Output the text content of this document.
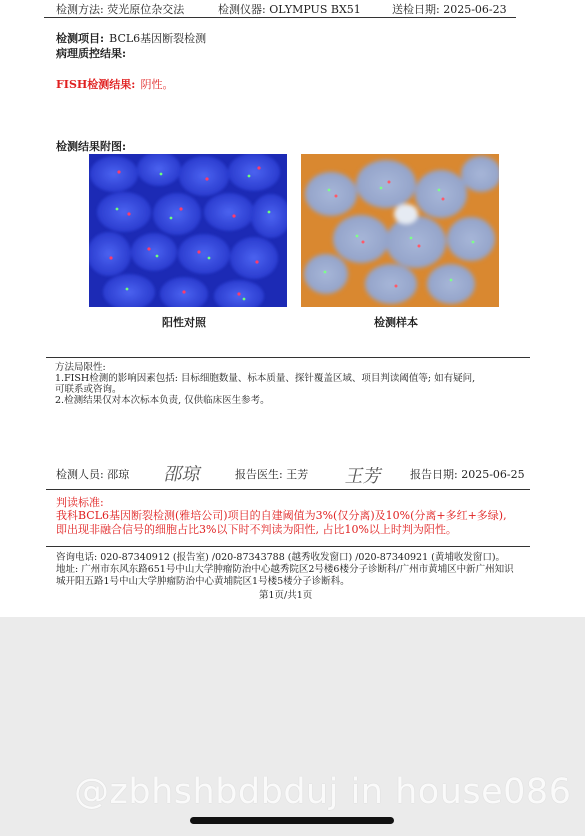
检测方法: 荧光原位杂交法	检测仪器: OLYMPUS BX51	送检日期: 2025-06-23
检测项目: BCL6基因断裂检测
病理质控结果:
FISH检测结果: 阴性。
检测结果附图:
阳性对照	检测样本
方法局限性:
1.FISH检测的影响因素包括: 目标细胞数量、标本质量、探针覆盖区域、项目判读阈值等; 如有疑问,
可联系或咨询。
2.检测结果仅对本次标本负责, 仅供临床医生参考。
检测人员: 邵琼 邵琼	报告医生: 王芳 王芳 报告日期: 2025-06-25
判读标准:
我科BCL6基因断裂检测(雅培公司)项目的自建阈值为3%(仅分离)及10%(分离+多红+多绿),
即出现非融合信号的细胞占比3%以下时不判读为阳性, 占比10%以上时判为阳性。
咨询电话: 020-87340912 (报告室) /020-87343788 (越秀收发窗口) /020-87340921 (黄埔收发窗口)。
地址: 广州市东风东路651号中山大学肿瘤防治中心越秀院区2号楼6楼分子诊断科/广州市黄埔区中新广州知识
城开阳五路1号中山大学肿瘤防治中心黄埔院区1号楼5楼分子诊断科。
第1页/共1页
@zbhshbdbduj in house086
